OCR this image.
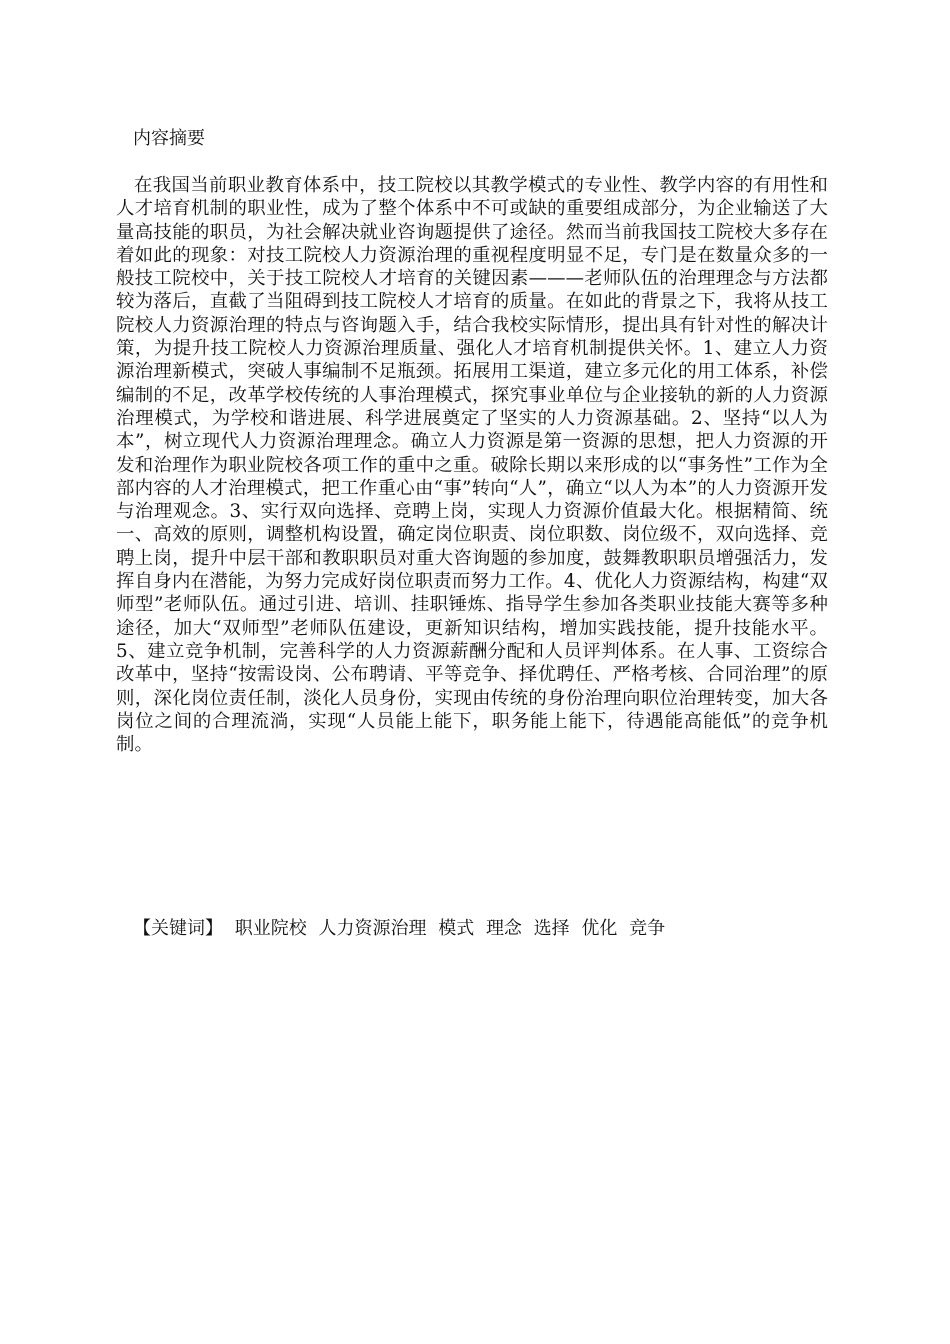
内容摘要

在我国当前职业教育体系中，技工院校以其教学模式的专业性、教学内容的有用性和人才培育机制的职业性，成为了整个体系中不可或缺的重要组成部分，为企业输送了大量高技能的职员，为社会解决就业咨询题提供了途径。然而当前我国技工院校大多存在着如此的现象：对技工院校人力资源治理的重视程度明显不足，专门是在数量众多的一般技工院校中，关于技工院校人才培育的关键因素———老师队伍的治理理念与方法都较为落后，直截了当阻碍到技工院校人才培育的质量。在如此的背景之下，我将从技工院校人力资源治理的特点与咨询题入手，结合我校实际情形，提出具有针对性的解决计策，为提升技工院校人力资源治理质量、强化人才培育机制提供关怀。1、建立人力资源治理新模式，突破人事编制不足瓶颈。拓展用工渠道，建立多元化的用工体系，补偿编制的不足，改革学校传统的人事治理模式，探究事业单位与企业接轨的新的人力资源治理模式，为学校和谐进展、科学进展奠定了坚实的人力资源基础。2、坚持“以人为本”，树立现代人力资源治理理念。确立人力资源是第一资源的思想，把人力资源的开发和治理作为职业院校各项工作的重中之重。破除长期以来形成的以“事务性”工作为全部内容的人才治理模式，把工作重心由“事”转向“人”，确立“以人为本”的人力资源开发与治理观念。3、实行双向选择、竞聘上岗，实现人力资源价值最大化。根据精简、统一、高效的原则，调整机构设置，确定岗位职责、岗位职数、岗位级不，双向选择、竞聘上岗，提升中层干部和教职职员对重大咨询题的参加度，鼓舞教职职员增强活力，发挥自身内在潜能，为努力完成好岗位职责而努力工作。4、优化人力资源结构，构建“双师型”老师队伍。通过引进、培训、挂职锤炼、指导学生参加各类职业技能大赛等多种途径，加大“双师型”老师队伍建设，更新知识结构，增加实践技能，提升技能水平。5、建立竞争机制，完善科学的人力资源薪酬分配和人员评判体系。在人事、工资综合改革中，坚持“按需设岗、公布聘请、平等竞争、择优聘任、严格考核、合同治理”的原则，深化岗位责任制，淡化人员身份，实现由传统的身份治理向职位治理转变，加大各岗位之间的合理流淌，实现“人员能上能下，职务能上能下，待遇能高能低”的竞争机制。

【关键词】 职业院校 人力资源治理 模式 理念 选择 优化 竞争
